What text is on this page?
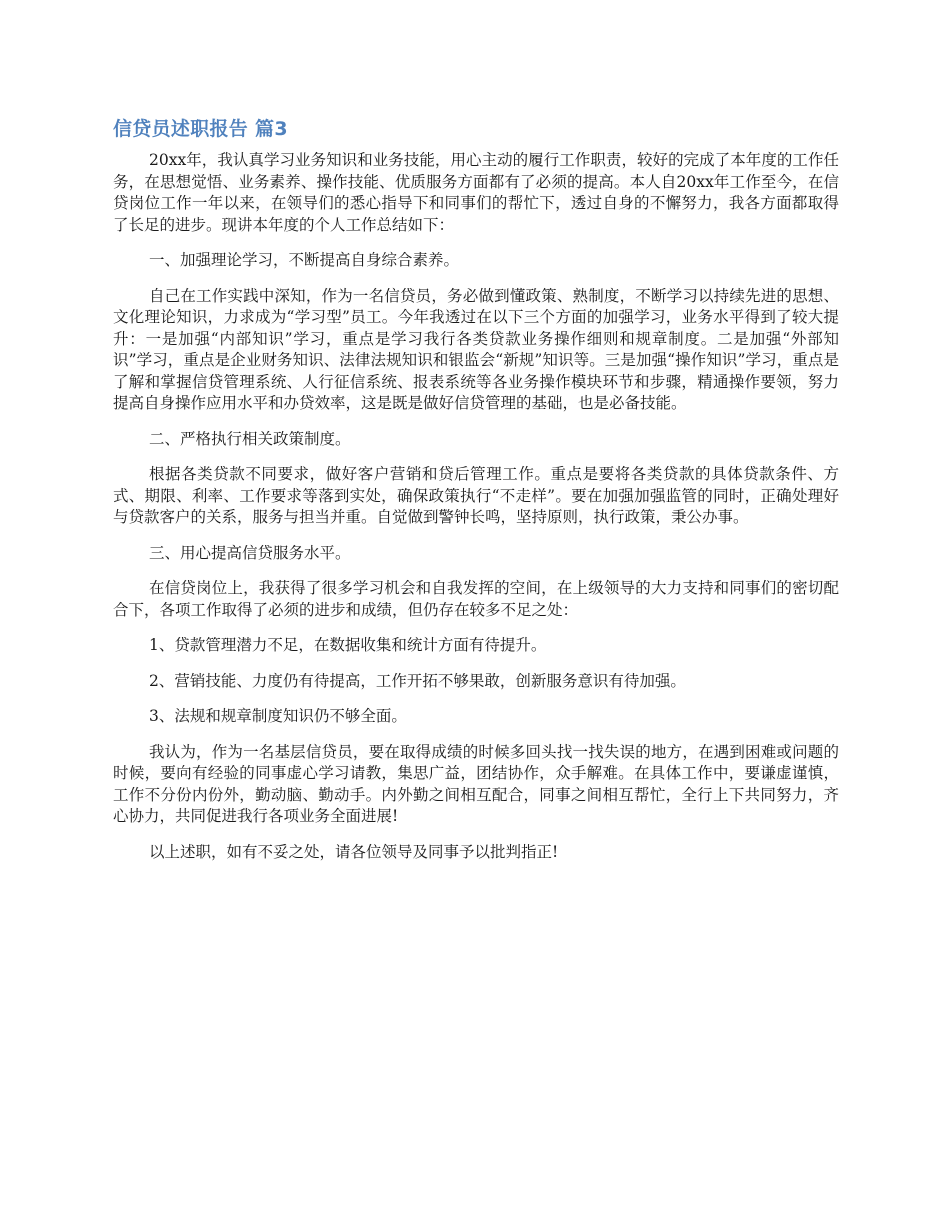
信贷员述职报告 篇3

20xx年，我认真学习业务知识和业务技能，用心主动的履行工作职责，较好的完成了本年度的工作任务，在思想觉悟、业务素养、操作技能、优质服务方面都有了必须的提高。本人自20xx年工作至今，在信贷岗位工作一年以来，在领导们的悉心指导下和同事们的帮忙下，透过自身的不懈努力，我各方面都取得了长足的进步。现讲本年度的个人工作总结如下：

一、加强理论学习，不断提高自身综合素养。

自己在工作实践中深知，作为一名信贷员，务必做到懂政策、熟制度，不断学习以持续先进的思想、文化理论知识，力求成为“学习型”员工。今年我透过在以下三个方面的加强学习，业务水平得到了较大提升：一是加强“内部知识”学习，重点是学习我行各类贷款业务操作细则和规章制度。二是加强“外部知识”学习，重点是企业财务知识、法律法规知识和银监会“新规”知识等。三是加强“操作知识”学习，重点是了解和掌握信贷管理系统、人行征信系统、报表系统等各业务操作模块环节和步骤，精通操作要领，努力提高自身操作应用水平和办贷效率，这是既是做好信贷管理的基础，也是必备技能。

二、严格执行相关政策制度。

根据各类贷款不同要求，做好客户营销和贷后管理工作。重点是要将各类贷款的具体贷款条件、方式、期限、利率、工作要求等落到实处，确保政策执行“不走样”。要在加强加强监管的同时，正确处理好与贷款客户的关系，服务与担当并重。自觉做到警钟长鸣，坚持原则，执行政策，秉公办事。

三、用心提高信贷服务水平。

在信贷岗位上，我获得了很多学习机会和自我发挥的空间，在上级领导的大力支持和同事们的密切配合下，各项工作取得了必须的进步和成绩，但仍存在较多不足之处：

1、贷款管理潜力不足，在数据收集和统计方面有待提升。

2、营销技能、力度仍有待提高，工作开拓不够果敢，创新服务意识有待加强。

3、法规和规章制度知识仍不够全面。

我认为，作为一名基层信贷员，要在取得成绩的时候多回头找一找失误的地方，在遇到困难或问题的时候，要向有经验的同事虚心学习请教，集思广益，团结协作，众手解难。在具体工作中，要谦虚谨慎，工作不分份内份外，勤动脑、勤动手。内外勤之间相互配合，同事之间相互帮忙，全行上下共同努力，齐心协力，共同促进我行各项业务全面进展!

以上述职，如有不妥之处，请各位领导及同事予以批判指正!
